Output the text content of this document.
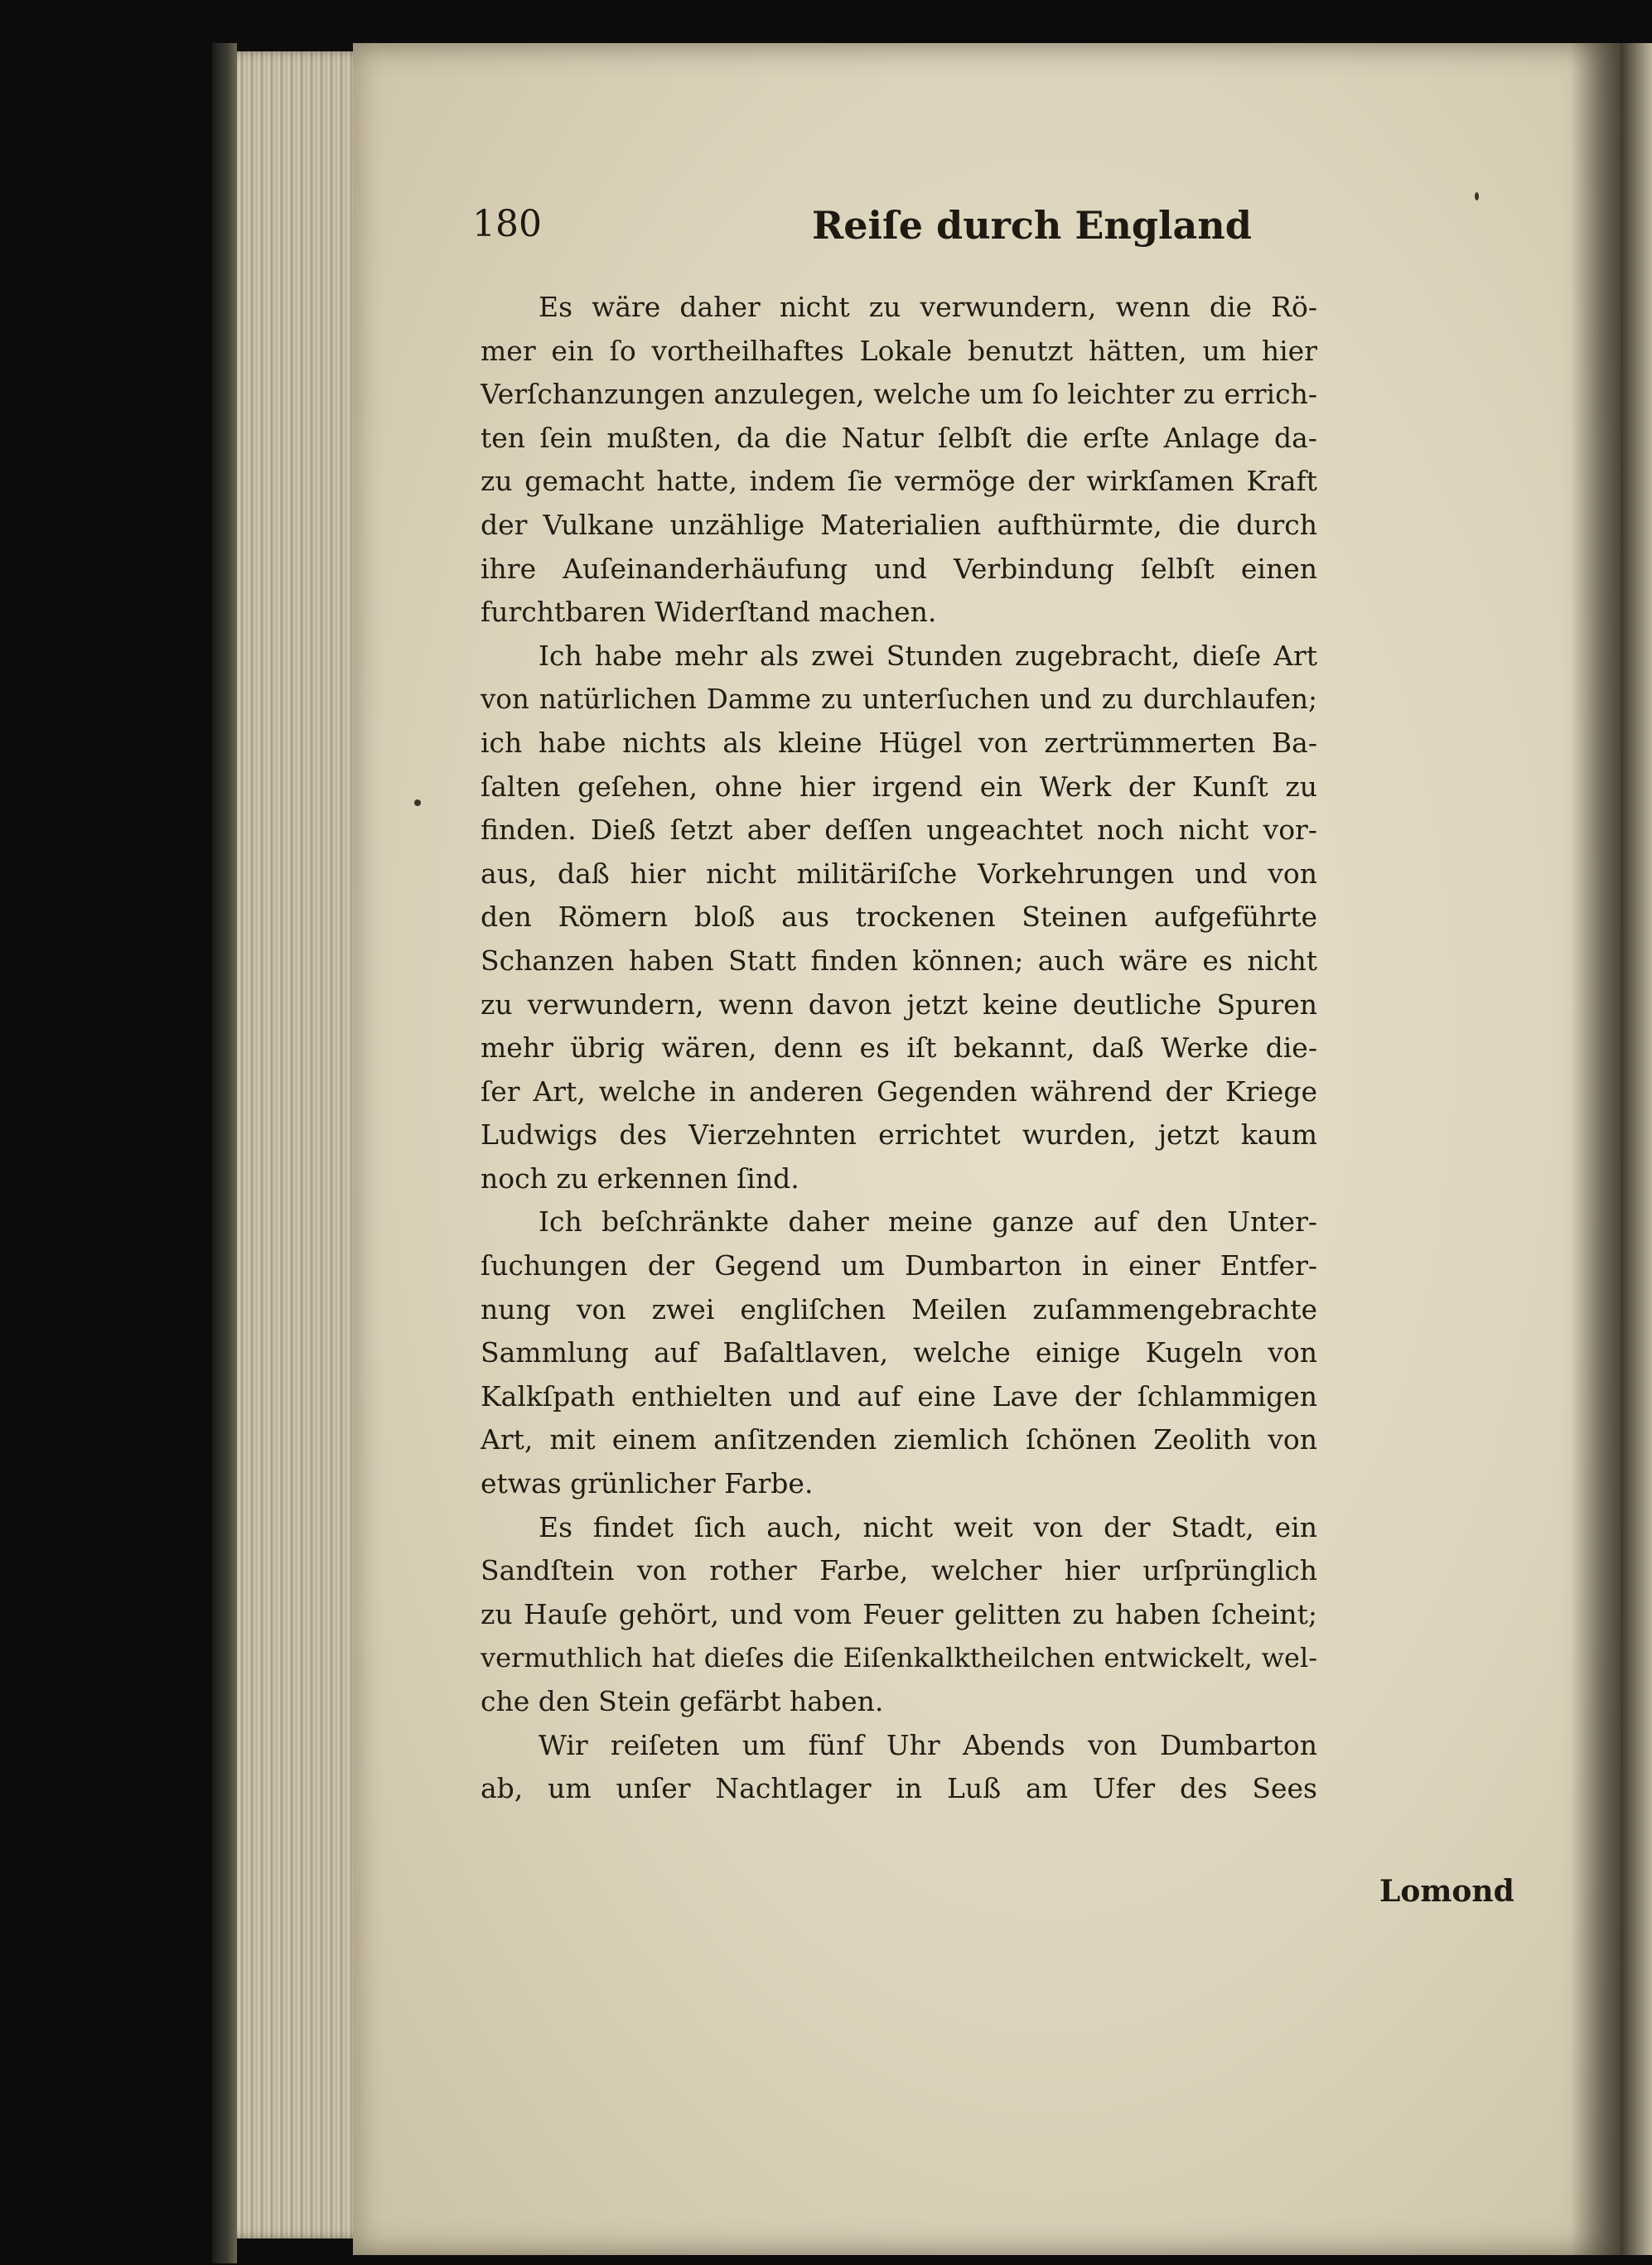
180	Reiſe durch England
Es wäre daher nicht zu verwundern, wenn die Rö-
mer ein ſo vortheilhaftes Lokale benutzt hätten, um hier
Verſchanzungen anzulegen, welche um ſo leichter zu errich-
ten ſein mußten, da die Natur ſelbſt die erſte Anlage da-
zu gemacht hatte, indem ſie vermöge der wirkſamen Kraft
der Vulkane unzählige Materialien aufthürmte, die durch
ihre Auſeinanderhäufung und Verbindung ſelbſt einen
furchtbaren Widerſtand machen.
Ich habe mehr als zwei Stunden zugebracht, dieſe Art
von natürlichen Damme zu unterſuchen und zu durchlaufen;
ich habe nichts als kleine Hügel von zertrümmerten Ba-
ſalten geſehen, ohne hier irgend ein Werk der Kunſt zu
finden. Dieß ſetzt aber deſſen ungeachtet noch nicht vor-
aus, daß hier nicht militäriſche Vorkehrungen und von
den Römern bloß aus trockenen Steinen aufgeführte
Schanzen haben Statt finden können; auch wäre es nicht
zu verwundern, wenn davon jetzt keine deutliche Spuren
mehr übrig wären, denn es iſt bekannt, daß Werke die-
ſer Art, welche in anderen Gegenden während der Kriege
Ludwigs des Vierzehnten errichtet wurden, jetzt kaum
noch zu erkennen ſind.
Ich beſchränkte daher meine ganze auf den Unter-
ſuchungen der Gegend um Dumbarton in einer Entfer-
nung von zwei engliſchen Meilen zuſammengebrachte
Sammlung auf Baſaltlaven, welche einige Kugeln von
Kalkſpath enthielten und auf eine Lave der ſchlammigen
Art, mit einem anſitzenden ziemlich ſchönen Zeolith von
etwas grünlicher Farbe.
Es findet ſich auch, nicht weit von der Stadt, ein
Sandſtein von rother Farbe, welcher hier urſprünglich
zu Hauſe gehört, und vom Feuer gelitten zu haben ſcheint;
vermuthlich hat dieſes die Eiſenkalktheilchen entwickelt, wel-
che den Stein gefärbt haben.
Wir reiſeten um fünf Uhr Abends von Dumbarton
ab, um unſer Nachtlager in Luß am Ufer des Sees
Lomond
